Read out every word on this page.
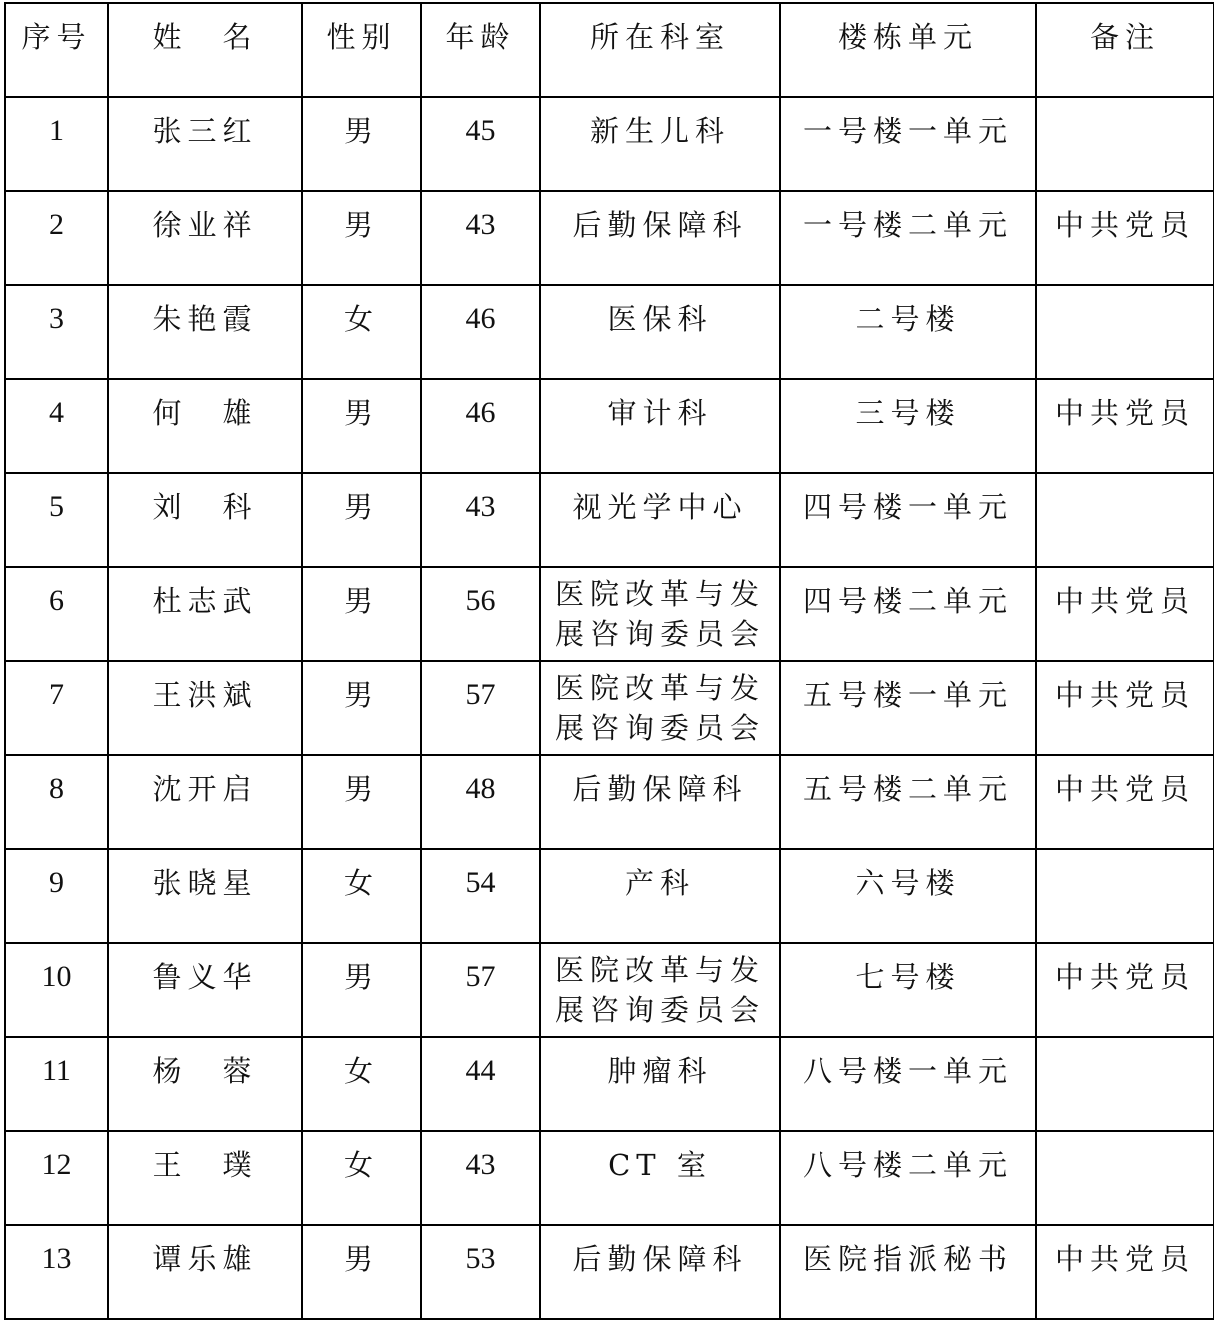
序号	姓　名	性别	年龄	所在科室	楼栋单元	备注

1	张三红	男	45	新生儿科	一号楼一单元	

2	徐业祥	男	43	后勤保障科	一号楼二单元	中共党员

3	朱艳霞	女	46	医保科	二号楼	

4	何　雄	男	46	审计科	三号楼	中共党员

5	刘　科	男	43	视光学中心	四号楼一单元	

6	杜志武	男	56	医院改革与发
展咨询委员会	四号楼二单元	中共党员

7	王洪斌	男	57	医院改革与发
展咨询委员会	五号楼一单元	中共党员

8	沈开启	男	48	后勤保障科	五号楼二单元	中共党员

9	张晓星	女	54	产科	六号楼	

10	鲁义华	男	57	医院改革与发
展咨询委员会	七号楼	中共党员

11	杨　蓉	女	44	肿瘤科	八号楼一单元	

12	王　璞	女	43	CT 室	八号楼二单元	

13	谭乐雄	男	53	后勤保障科	医院指派秘书	中共党员
